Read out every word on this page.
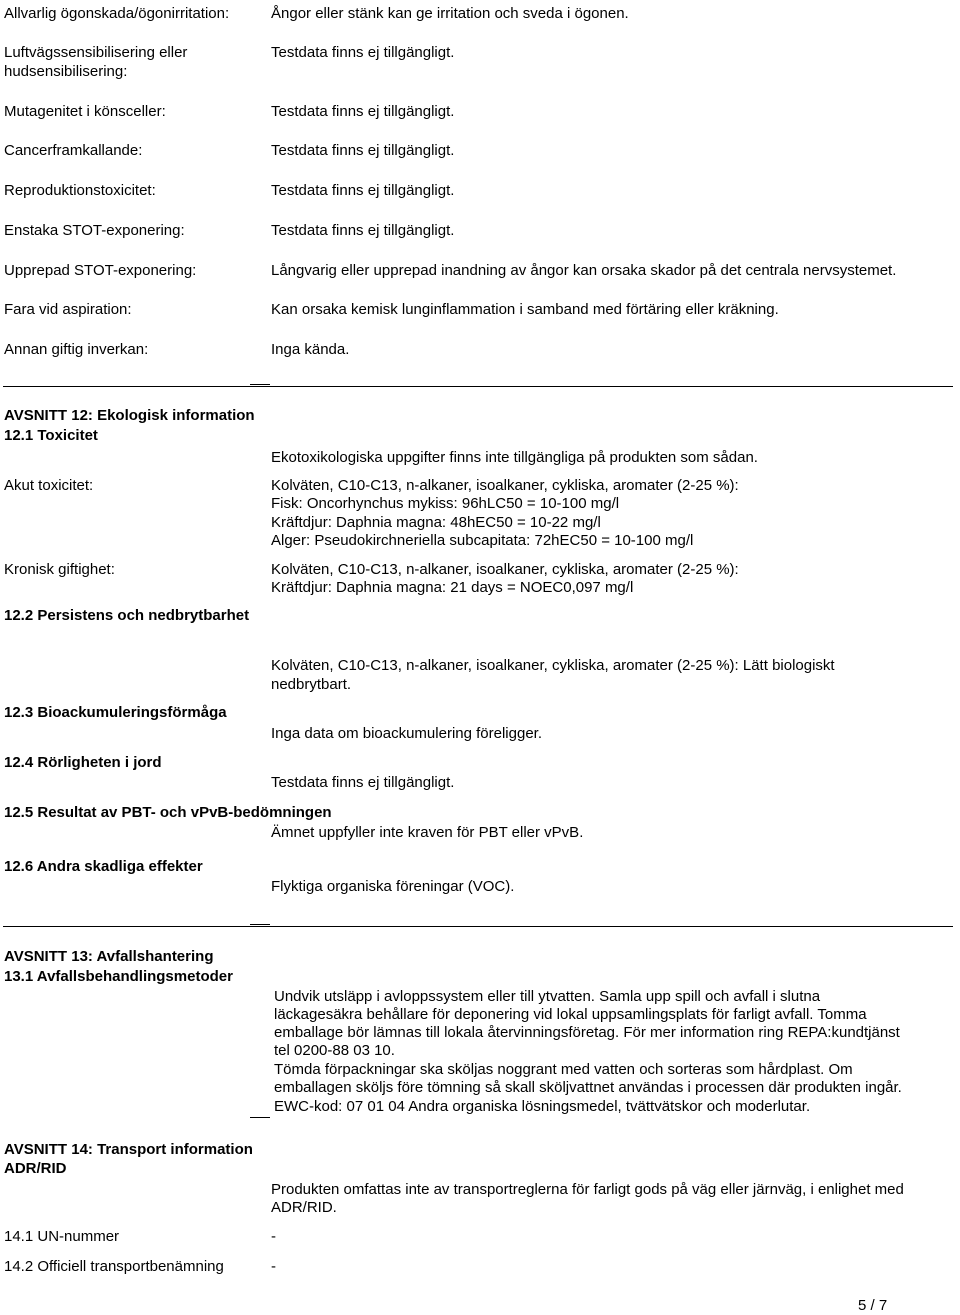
Allvarlig ögonskada/ögonirritation:	Ångor eller stänk kan ge irritation och sveda i ögonen.
Luftvägssensibilisering eller hudsensibilisering:
Testdata finns ej tillgängligt.
Mutagenitet i könsceller:	Testdata finns ej tillgängligt.
Cancerframkallande:	Testdata finns ej tillgängligt.
Reproduktionstoxicitet:	Testdata finns ej tillgängligt.
Enstaka STOT-exponering:	Testdata finns ej tillgängligt.
Upprepad STOT-exponering:	Långvarig eller upprepad inandning av ångor kan orsaka skador på det centrala nervsystemet.
Fara vid aspiration:	Kan orsaka kemisk lunginflammation i samband med förtäring eller kräkning.
Annan giftig inverkan:	Inga kända.
AVSNITT 12: Ekologisk information
12.1 Toxicitet
Ekotoxikologiska uppgifter finns inte tillgängliga på produkten som sådan.
Akut toxicitet:	Kolväten, C10-C13, n-alkaner, isoalkaner, cykliska, aromater (2-25 %):
Fisk: Oncorhynchus mykiss: 96hLC50 = 10-100 mg/l
Kräftdjur: Daphnia magna: 48hEC50 = 10-22 mg/l
Alger: Pseudokirchneriella subcapitata: 72hEC50 = 10-100 mg/l
Kronisk giftighet:	Kolväten, C10-C13, n-alkaner, isoalkaner, cykliska, aromater (2-25 %):
Kräftdjur: Daphnia magna: 21 days = NOEC0,097 mg/l
12.2 Persistens och nedbrytbarhet
Kolväten, C10-C13, n-alkaner, isoalkaner, cykliska, aromater (2-25 %): Lätt biologiskt nedbrytbart.
12.3 Bioackumuleringsförmåga
Inga data om bioackumulering föreligger.
12.4 Rörligheten i jord
Testdata finns ej tillgängligt.
12.5 Resultat av PBT- och vPvB-bedömningen
Ämnet uppfyller inte kraven för PBT eller vPvB.
12.6 Andra skadliga effekter
Flyktiga organiska föreningar (VOC).
AVSNITT 13: Avfallshantering
13.1 Avfallsbehandlingsmetoder
Undvik utsläpp i avloppssystem eller till ytvatten. Samla upp spill och avfall i slutna
läckagesäkra behållare för deponering vid lokal uppsamlingsplats för farligt avfall. Tomma
emballage bör lämnas till lokala återvinningsföretag. För mer information ring REPA:kundtjänst
tel 0200-88 03 10.
Tömda förpackningar ska sköljas noggrant med vatten och sorteras som hårdplast. Om
emballagen sköljs före tömning så skall sköljvattnet användas i processen där produkten ingår.
EWC-kod: 07 01 04 Andra organiska lösningsmedel, tvättvätskor och moderlutar.
AVSNITT 14: Transport information
ADR/RID
Produkten omfattas inte av transportreglerna för farligt gods på väg eller järnväg, i enlighet med
ADR/RID.
14.1 UN-nummer	-
14.2 Officiell transportbenämning	-
5 / 7
